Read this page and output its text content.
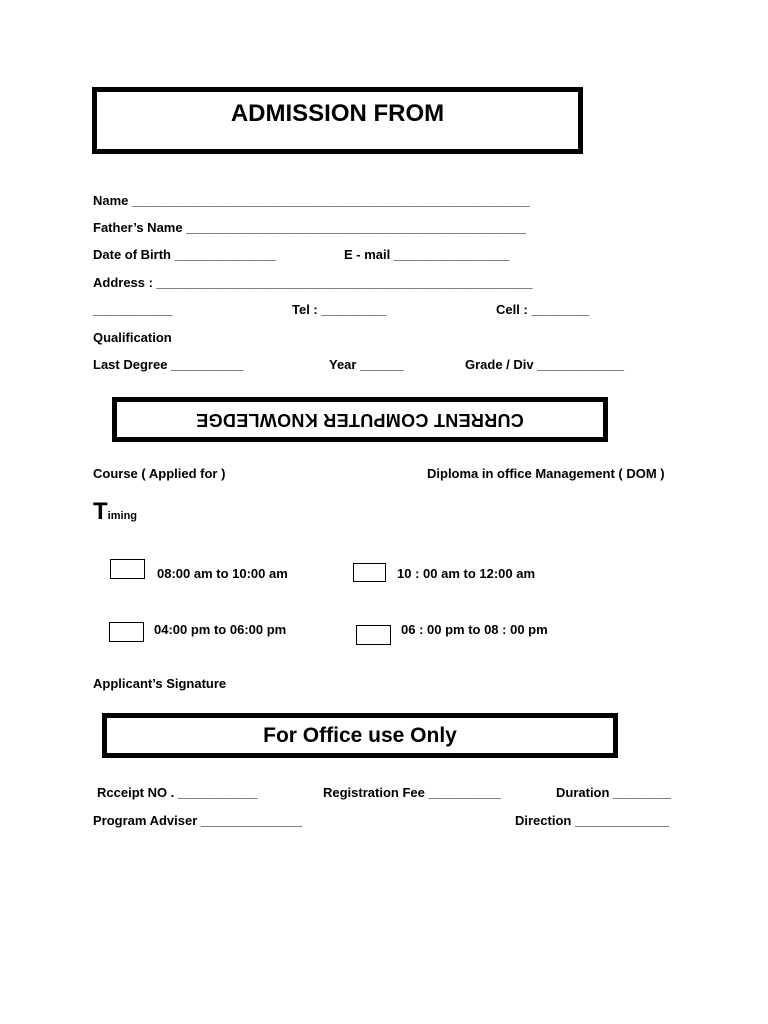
ADMISSION FROM
Name _______________________________________________________
Father’s Name _______________________________________________
Date of Birth ______________	E - mail ________________
Address : ____________________________________________________
___________	Tel : _________	Cell : ________
Qualification
Last Degree __________	Year ______	Grade / Div ____________
CURRENT COMPUTER KNOWLEDGE
Course ( Applied for )	Diploma in office Management ( DOM )
Timing
08:00 am to 10:00 am	10 : 00 am to 12:00 am
04:00 pm to 06:00 pm	06 : 00 pm to 08 : 00 pm
Applicant’s Signature
For Office use Only
Rcceipt NO . ___________	Registration Fee __________	Duration ________
Program Adviser ______________	Direction _____________
